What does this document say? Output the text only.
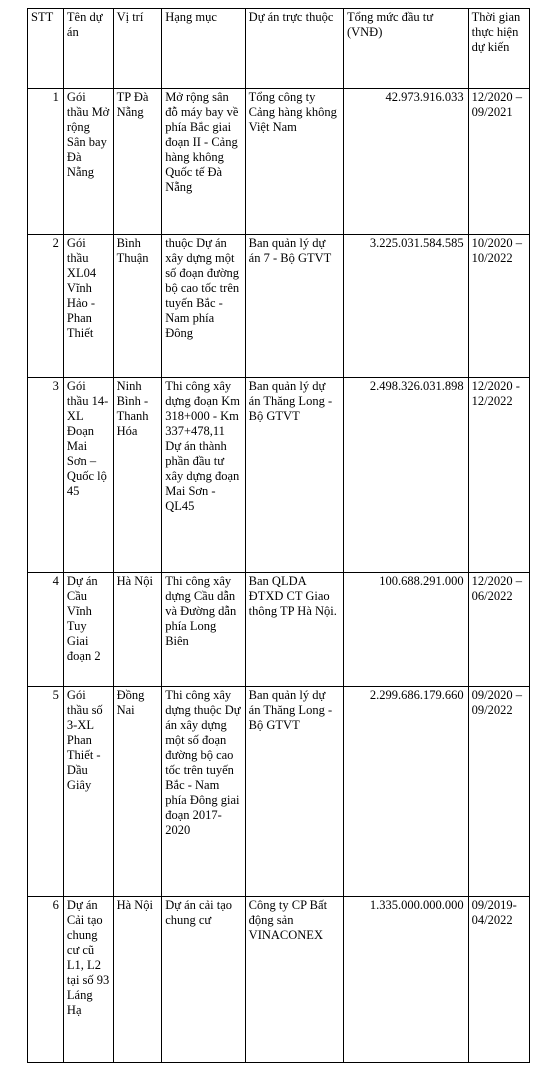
STT	Tên dự án	Vị trí	Hạng mục	Dự án trực thuộc	Tổng mức đầu tư (VNĐ)	Thời gian thực hiện dự kiến
1	Gói thầu Mở rộng Sân bay Đà Nẵng	TP Đà Nẵng	Mở rộng sân đỗ máy bay về phía Bắc giai đoạn II - Cảng hàng không Quốc tế Đà Nẵng	Tổng công ty Cảng hàng không Việt Nam	42.973.916.033	12/2020 – 09/2021
2	Gói thầu XL04 Vĩnh Hảo - Phan Thiết	Bình Thuận	thuộc Dự án xây dựng một số đoạn đường bộ cao tốc trên tuyến Bắc - Nam phía Đông	Ban quản lý dự án 7 - Bộ GTVT	3.225.031.584.585	10/2020 – 10/2022
3	Gói thầu 14-XL Đoạn Mai Sơn – Quốc lộ 45	Ninh Bình - Thanh Hóa	Thi công xây dựng đoạn Km 318+000 - Km 337+478,11 Dự án thành phần đầu tư xây dựng đoạn Mai Sơn - QL45	Ban quản lý dự án Thăng Long - Bộ GTVT	2.498.326.031.898	12/2020 - 12/2022
4	Dự án Cầu Vĩnh Tuy Giai đoạn 2	Hà Nội	Thi công xây dựng Cầu dẫn và Đường dẫn phía Long Biên	Ban QLDA ĐTXD CT Giao thông TP Hà Nội.	100.688.291.000	12/2020 – 06/2022
5	Gói thầu số 3-XL Phan Thiết - Dầu Giây	Đồng Nai	Thi công xây dựng thuộc Dự án xây dựng một số đoạn đường bộ cao tốc trên tuyến Bắc - Nam phía Đông giai đoạn 2017-2020	Ban quản lý dự án Thăng Long - Bộ GTVT	2.299.686.179.660	09/2020 – 09/2022
6	Dự án Cải tạo chung cư cũ L1, L2 tại số 93 Láng Hạ	Hà Nội	Dự án cải tạo chung cư	Công ty CP Bất động sản VINACONEX	1.335.000.000.000	09/2019-04/2022
